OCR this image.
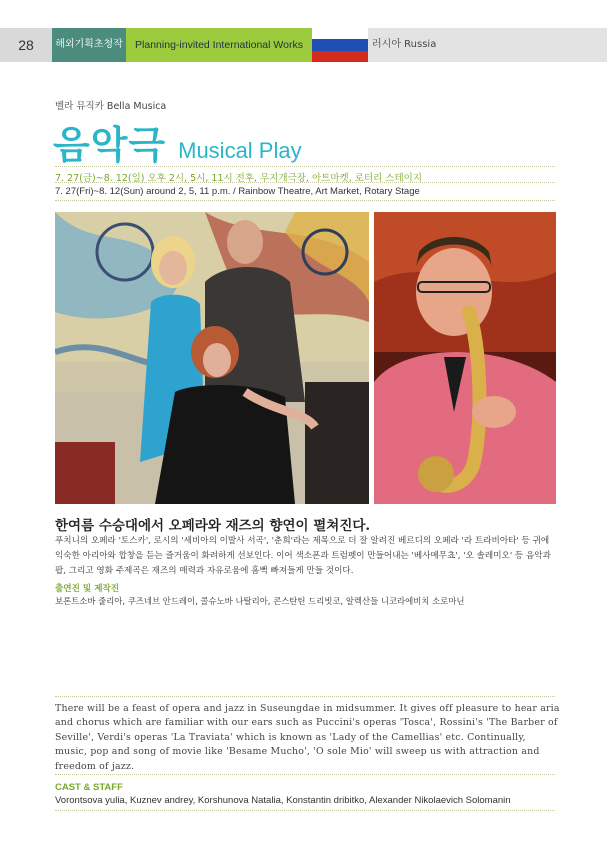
28	해외기획초청작	Planning-invited International Works	러시아 Russia
벨라 뮤직카 Bella Musica
음악극 Musical Play
7. 27(금)~8. 12(일) 오후 2시, 5시, 11시 전후, 무지개극장, 아트마켓, 로터리 스테이지
7. 27(Fri)~8. 12(Sun) around 2, 5, 11 p.m. / Rainbow Theatre, Art Market, Rotary Stage
한여름 수승대에서 오페라와 재즈의 향연이 펼쳐진다.
푸치니의 오페라 '토스카', 로시의 '세비아의 이발사 서곡', '춘희'라는 제목으로 더 잘 알려진 베르디의 오페라 '라 트라비아타' 등 귀에 익숙한 아리아와 합창을 듣는 즐거움이 화려하게 선보인다. 이어 색소폰과 트럼펫이 만들어내는 '베사메무쵸', '오 솔레미오' 등 음악과 팝, 그리고 영화 주제곡은 재즈의 매력과 자유로움에 흠뻑 빠져들게 만들 것이다.
출연진 및 제작진
보론트소바 줄리아, 쿠즈네브 안드레이, 콜슈노바 나탈리아, 콘스탄틴 드리빗코, 알렉산들 니코라에비치 소로마닌
There will be a feast of opera and jazz in Suseungdae in midsummer. It gives off pleasure to hear aria and chorus which are familiar with our ears such as Puccini's operas 'Tosca', Rossini's 'The Barber of Seville', Verdi's operas 'La Traviata' which is known as 'Lady of the Camellias' etc. Continually, music, pop and song of movie like 'Besame Mucho', 'O sole Mio' will sweep us with attraction and freedom of jazz.
CAST & STAFF
Vorontsova yulia, Kuznev andrey, Korshunova Natalia, Konstantin dribitko, Alexander Nikolaevich Solomanin
